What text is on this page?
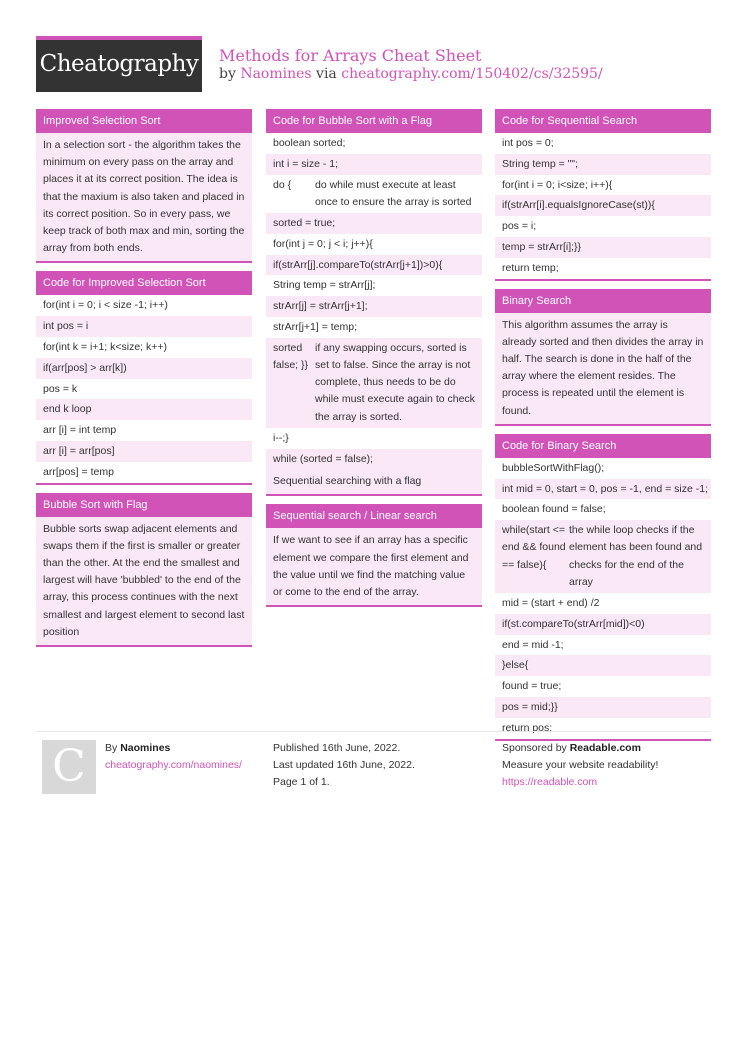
Cheatography Methods for Arrays Cheat Sheet
by Naomines via cheatography.com/150402/cs/32595/
Improved Selection Sort
In a selection sort - the algorithm takes the minimum on every pass on the array and places it at its correct position. The idea is that the maxium is also taken and placed in its correct position. So in every pass, we keep track of both max and min, sorting the array from both ends.
Code for Improved Selection Sort
for(int i = 0; i < size -1; i++)
int pos = i
for(int k = i+1; k<size; k++)
if(arr[pos] > arr[k])
pos = k
end k loop
arr [i] = int temp
arr [i] = arr[pos]
arr[pos] = temp
Bubble Sort with Flag
Bubble sorts swap adjacent elements and swaps them if the first is smaller or greater than the other. At the end the smallest and largest will have 'bubbled' to the end of the array, this process continues with the next smallest and largest element to second last position
Code for Bubble Sort with a Flag
boolean sorted;
int i = size - 1;
do {	do while must execute at least once to ensure the array is sorted
sorted = true;
for(int j = 0; j < i; j++){
if(strArr[j].compareTo(strArr[j+1])>0){
String temp = strArr[j];
strArr[j] = strArr[j+1];
strArr[j+1] = temp;
sorted false; }}
if any swapping occurs, sorted is set to false. Since the array is not complete, thus needs to be do while must execute again to check the array is sorted.
i--;}
while (sorted = false);
Sequential searching with a flag
Sequential search / Linear search
If we want to see if an array has a specific element we compare the first element and the value until we find the matching value or come to the end of the array.
Code for Sequential Search
int pos = 0;
String temp = "";
for(int i = 0; i<size; i++){
if(strArr[i].equalsIgnoreCase(st)){
pos = i;
temp = strArr[i];}}
return temp;
Binary Search
This algorithm assumes the array is already sorted and then divides the array in half. The search is done in the half of the array where the element resides. The process is repeated until the element is found.
Code for Binary Search
bubbleSortWithFlag();
int mid = 0, start = 0, pos = -1, end = size -1;
boolean found = false;
while(start <= end && found == false){
the while loop checks if the element has been found and checks for the end of the array
mid = (start + end) /2
if(st.compareTo(strArr[mid])<0)
end = mid -1;
}else{
found = true;
pos = mid;}}
return pos;
C	By Naomines
cheatography.com/naomines/
Published 16th June, 2022.
Last updated 16th June, 2022.
Page 1 of 1.
Sponsored by Readable.com
Measure your website readability!
https://readable.com
